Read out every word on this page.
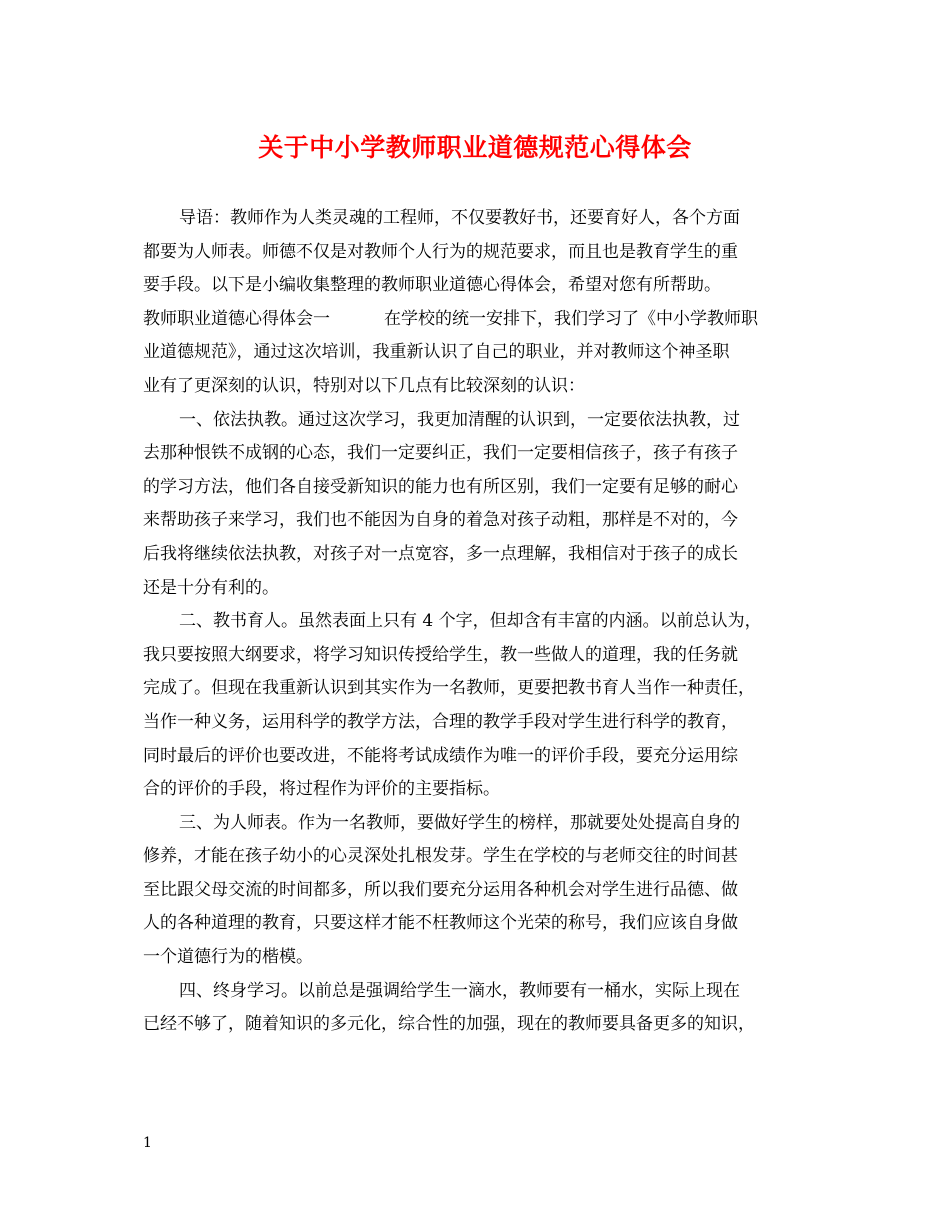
关于中小学教师职业道德规范心得体会
导语：教师作为人类灵魂的工程师，不仅要教好书，还要育好人，各个方面
都要为人师表。师德不仅是对教师个人行为的规范要求，而且也是教育学生的重
要手段。以下是小编收集整理的教师职业道德心得体会，希望对您有所帮助。
教师职业道德心得体会一	在学校的统一安排下，我们学习了《中小学教师职
业道德规范》，通过这次培训，我重新认识了自己的职业，并对教师这个神圣职
业有了更深刻的认识，特别对以下几点有比较深刻的认识：
一、依法执教。通过这次学习，我更加清醒的认识到，一定要依法执教，过
去那种恨铁不成钢的心态，我们一定要纠正，我们一定要相信孩子，孩子有孩子
的学习方法，他们各自接受新知识的能力也有所区别，我们一定要有足够的耐心
来帮助孩子来学习，我们也不能因为自身的着急对孩子动粗，那样是不对的，今
后我将继续依法执教，对孩子对一点宽容，多一点理解，我相信对于孩子的成长
还是十分有利的。
二、教书育人。虽然表面上只有 4 个字，但却含有丰富的内涵。以前总认为，
我只要按照大纲要求，将学习知识传授给学生，教一些做人的道理，我的任务就
完成了。但现在我重新认识到其实作为一名教师，更要把教书育人当作一种责任，
当作一种义务，运用科学的教学方法，合理的教学手段对学生进行科学的教育，
同时最后的评价也要改进，不能将考试成绩作为唯一的评价手段，要充分运用综
合的评价的手段，将过程作为评价的主要指标。
三、为人师表。作为一名教师，要做好学生的榜样，那就要处处提高自身的
修养，才能在孩子幼小的心灵深处扎根发芽。学生在学校的与老师交往的时间甚
至比跟父母交流的时间都多，所以我们要充分运用各种机会对学生进行品德、做
人的各种道理的教育，只要这样才能不枉教师这个光荣的称号，我们应该自身做
一个道德行为的楷模。
四、终身学习。以前总是强调给学生一滴水，教师要有一桶水，实际上现在
已经不够了，随着知识的多元化，综合性的加强，现在的教师要具备更多的知识，
1
